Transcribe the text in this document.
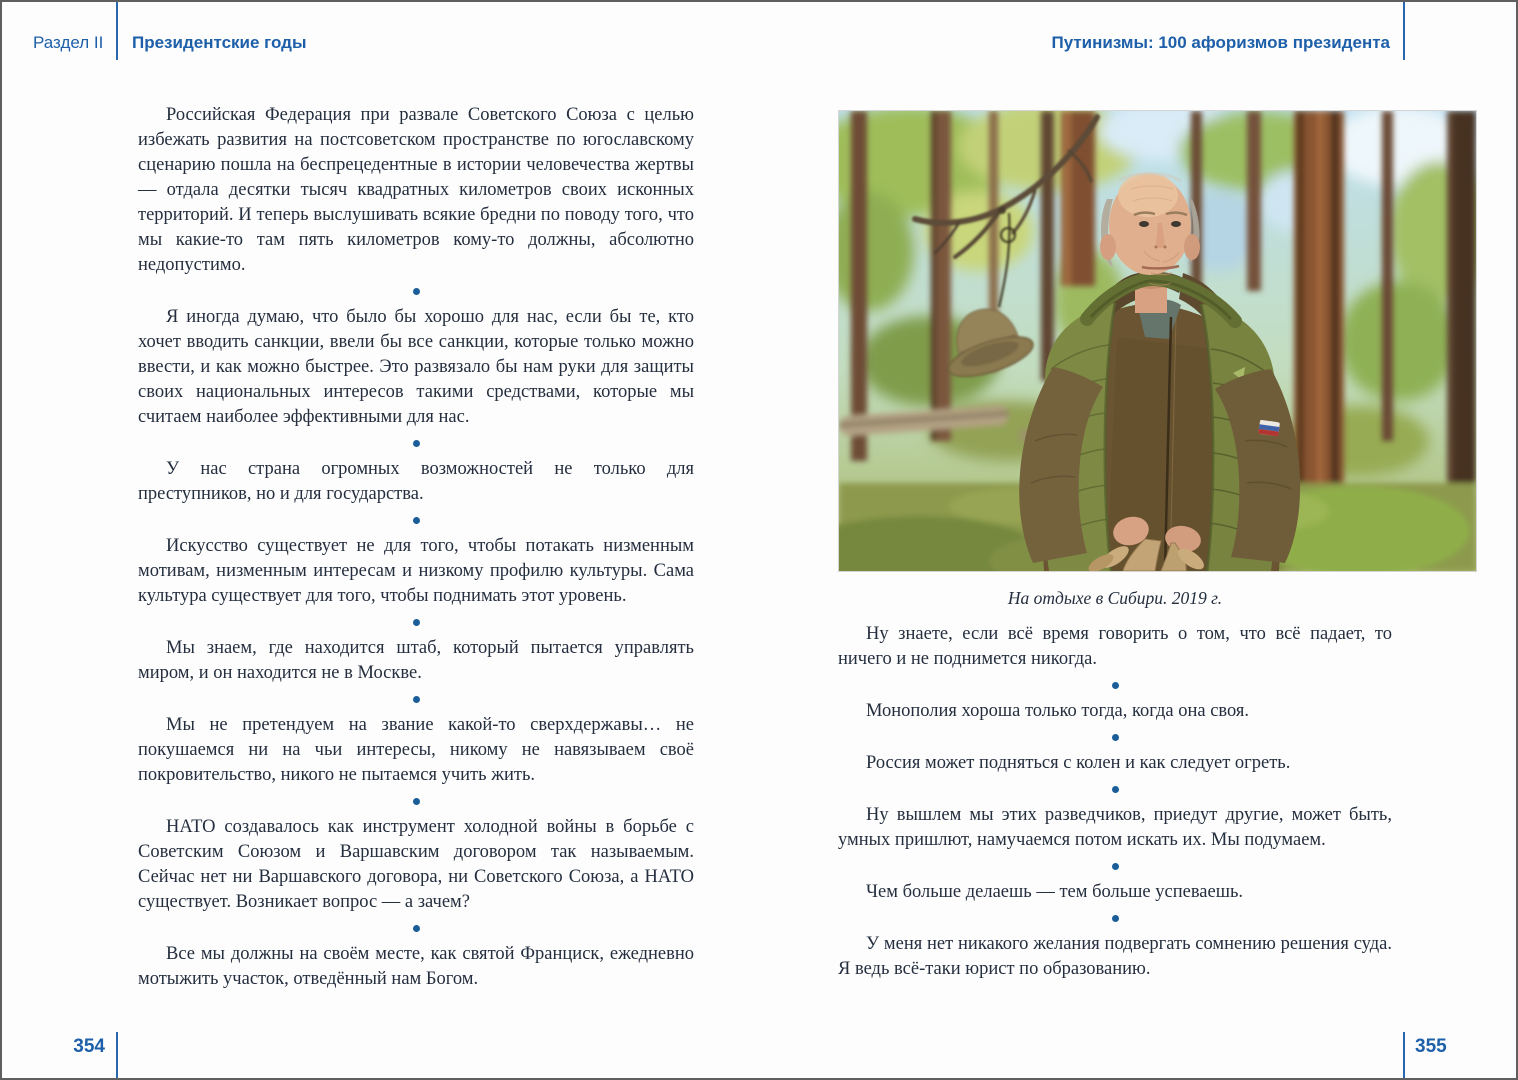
Раздел II Президентские годы	Путинизмы: 100 афоризмов президента

Российская Федерация при развале Советского Союза с целью избежать развития на постсоветском пространстве по югославскому сценарию пошла на беспрецедентные в истории человечества жертвы — отдала десятки тысяч квадратных километров своих исконных территорий. И теперь выслушивать всякие бредни по поводу того, что мы какие-то там пять километров кому-то должны, абсолютно недопустимо.

Я иногда думаю, что было бы хорошо для нас, если бы те, кто хочет вводить санкции, ввели бы все санкции, которые только можно ввести, и как можно быстрее. Это развязало бы нам руки для защиты своих национальных интересов такими средствами, которые мы считаем наиболее эффективными для нас.

У нас страна огромных возможностей не только для преступников, но и для государства.

Искусство существует не для того, чтобы потакать низменным мотивам, низменным интересам и низкому профилю культуры. Сама культура существует для того, чтобы поднимать этот уровень.

Мы знаем, где находится штаб, который пытается управлять миром, и он находится не в Москве.

Мы не претендуем на звание какой-то сверхдержавы… не покушаемся ни на чьи интересы, никому не навязываем своё покровительство, никого не пытаемся учить жить.

НАТО создавалось как инструмент холодной войны в борьбе с Советским Союзом и Варшавским договором так называемым. Сейчас нет ни Варшавского договора, ни Советского Союза, а НАТО существует. Возникает вопрос — а зачем?

Все мы должны на своём месте, как святой Франциск, ежедневно мотыжить участок, отведённый нам Богом.

На отдыхе в Сибири. 2019 г.

Ну знаете, если всё время говорить о том, что всё падает, то ничего и не поднимется никогда.

Монополия хороша только тогда, когда она своя.

Россия может подняться с колен и как следует огреть.

Ну вышлем мы этих разведчиков, приедут другие, может быть, умных пришлют, намучаемся потом искать их. Мы подумаем.

Чем больше делаешь — тем больше успеваешь.

У меня нет никакого желания подвергать сомнению решения суда. Я ведь всё-таки юрист по образованию.

354	355
